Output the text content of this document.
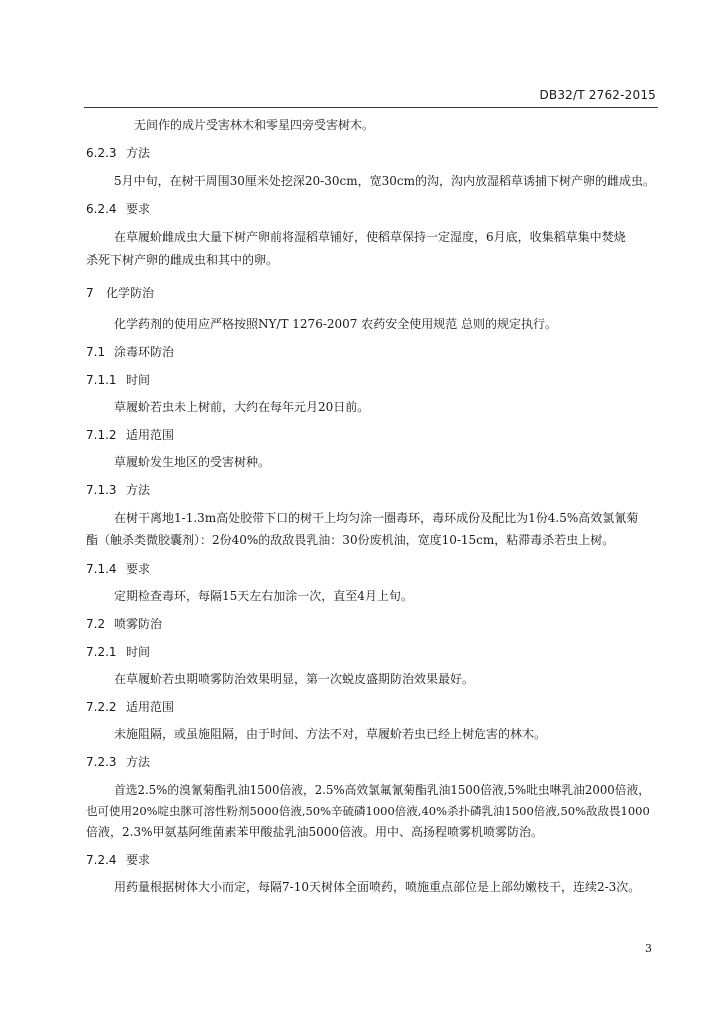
DB32/T 2762-2015
无间作的成片受害林木和零星四旁受害树木。
6.2.3 方法
5月中旬，在树干周围30厘米处挖深20-30cm，宽30cm的沟，沟内放湿稻草诱捕下树产卵的雌成虫。
6.2.4 要求
在草履蚧雌成虫大量下树产卵前将湿稻草铺好，使稻草保持一定湿度，6月底，收集稻草集中焚烧
杀死下树产卵的雌成虫和其中的卵。
7 化学防治
化学药剂的使用应严格按照NY/T 1276-2007 农药安全使用规范 总则的规定执行。
7.1 涂毒环防治
7.1.1 时间
草履蚧若虫未上树前，大约在每年元月20日前。
7.1.2 适用范围
草履蚧发生地区的受害树种。
7.1.3 方法
在树干离地1-1.3m高处胶带下口的树干上均匀涂一圈毒环，毒环成份及配比为1份4.5%高效氯氰菊
酯（触杀类微胶囊剂）：2份40%的敌敌畏乳油：30份废机油，宽度10-15cm，粘滞毒杀若虫上树。
7.1.4 要求
定期检查毒环，每隔15天左右加涂一次，直至4月上旬。
7.2 喷雾防治
7.2.1 时间
在草履蚧若虫期喷雾防治效果明显，第一次蜕皮盛期防治效果最好。
7.2.2 适用范围
未施阻隔，或虽施阻隔，由于时间、方法不对，草履蚧若虫已经上树危害的林木。
7.2.3 方法
首选2.5%的溴氰菊酯乳油1500倍液，2.5%高效氯氟氰菊酯乳油1500倍液,5%吡虫啉乳油2000倍液，
也可使用20%啶虫脒可溶性粉剂5000倍液,50%辛硫磷1000倍液,40%杀扑磷乳油1500倍液,50%敌敌畏1000
倍液，2.3%甲氨基阿维菌素苯甲酸盐乳油5000倍液。用中、高扬程喷雾机喷雾防治。
7.2.4 要求
用药量根据树体大小而定，每隔7-10天树体全面喷药，喷施重点部位是上部幼嫩枝干，连续2-3次。
3
